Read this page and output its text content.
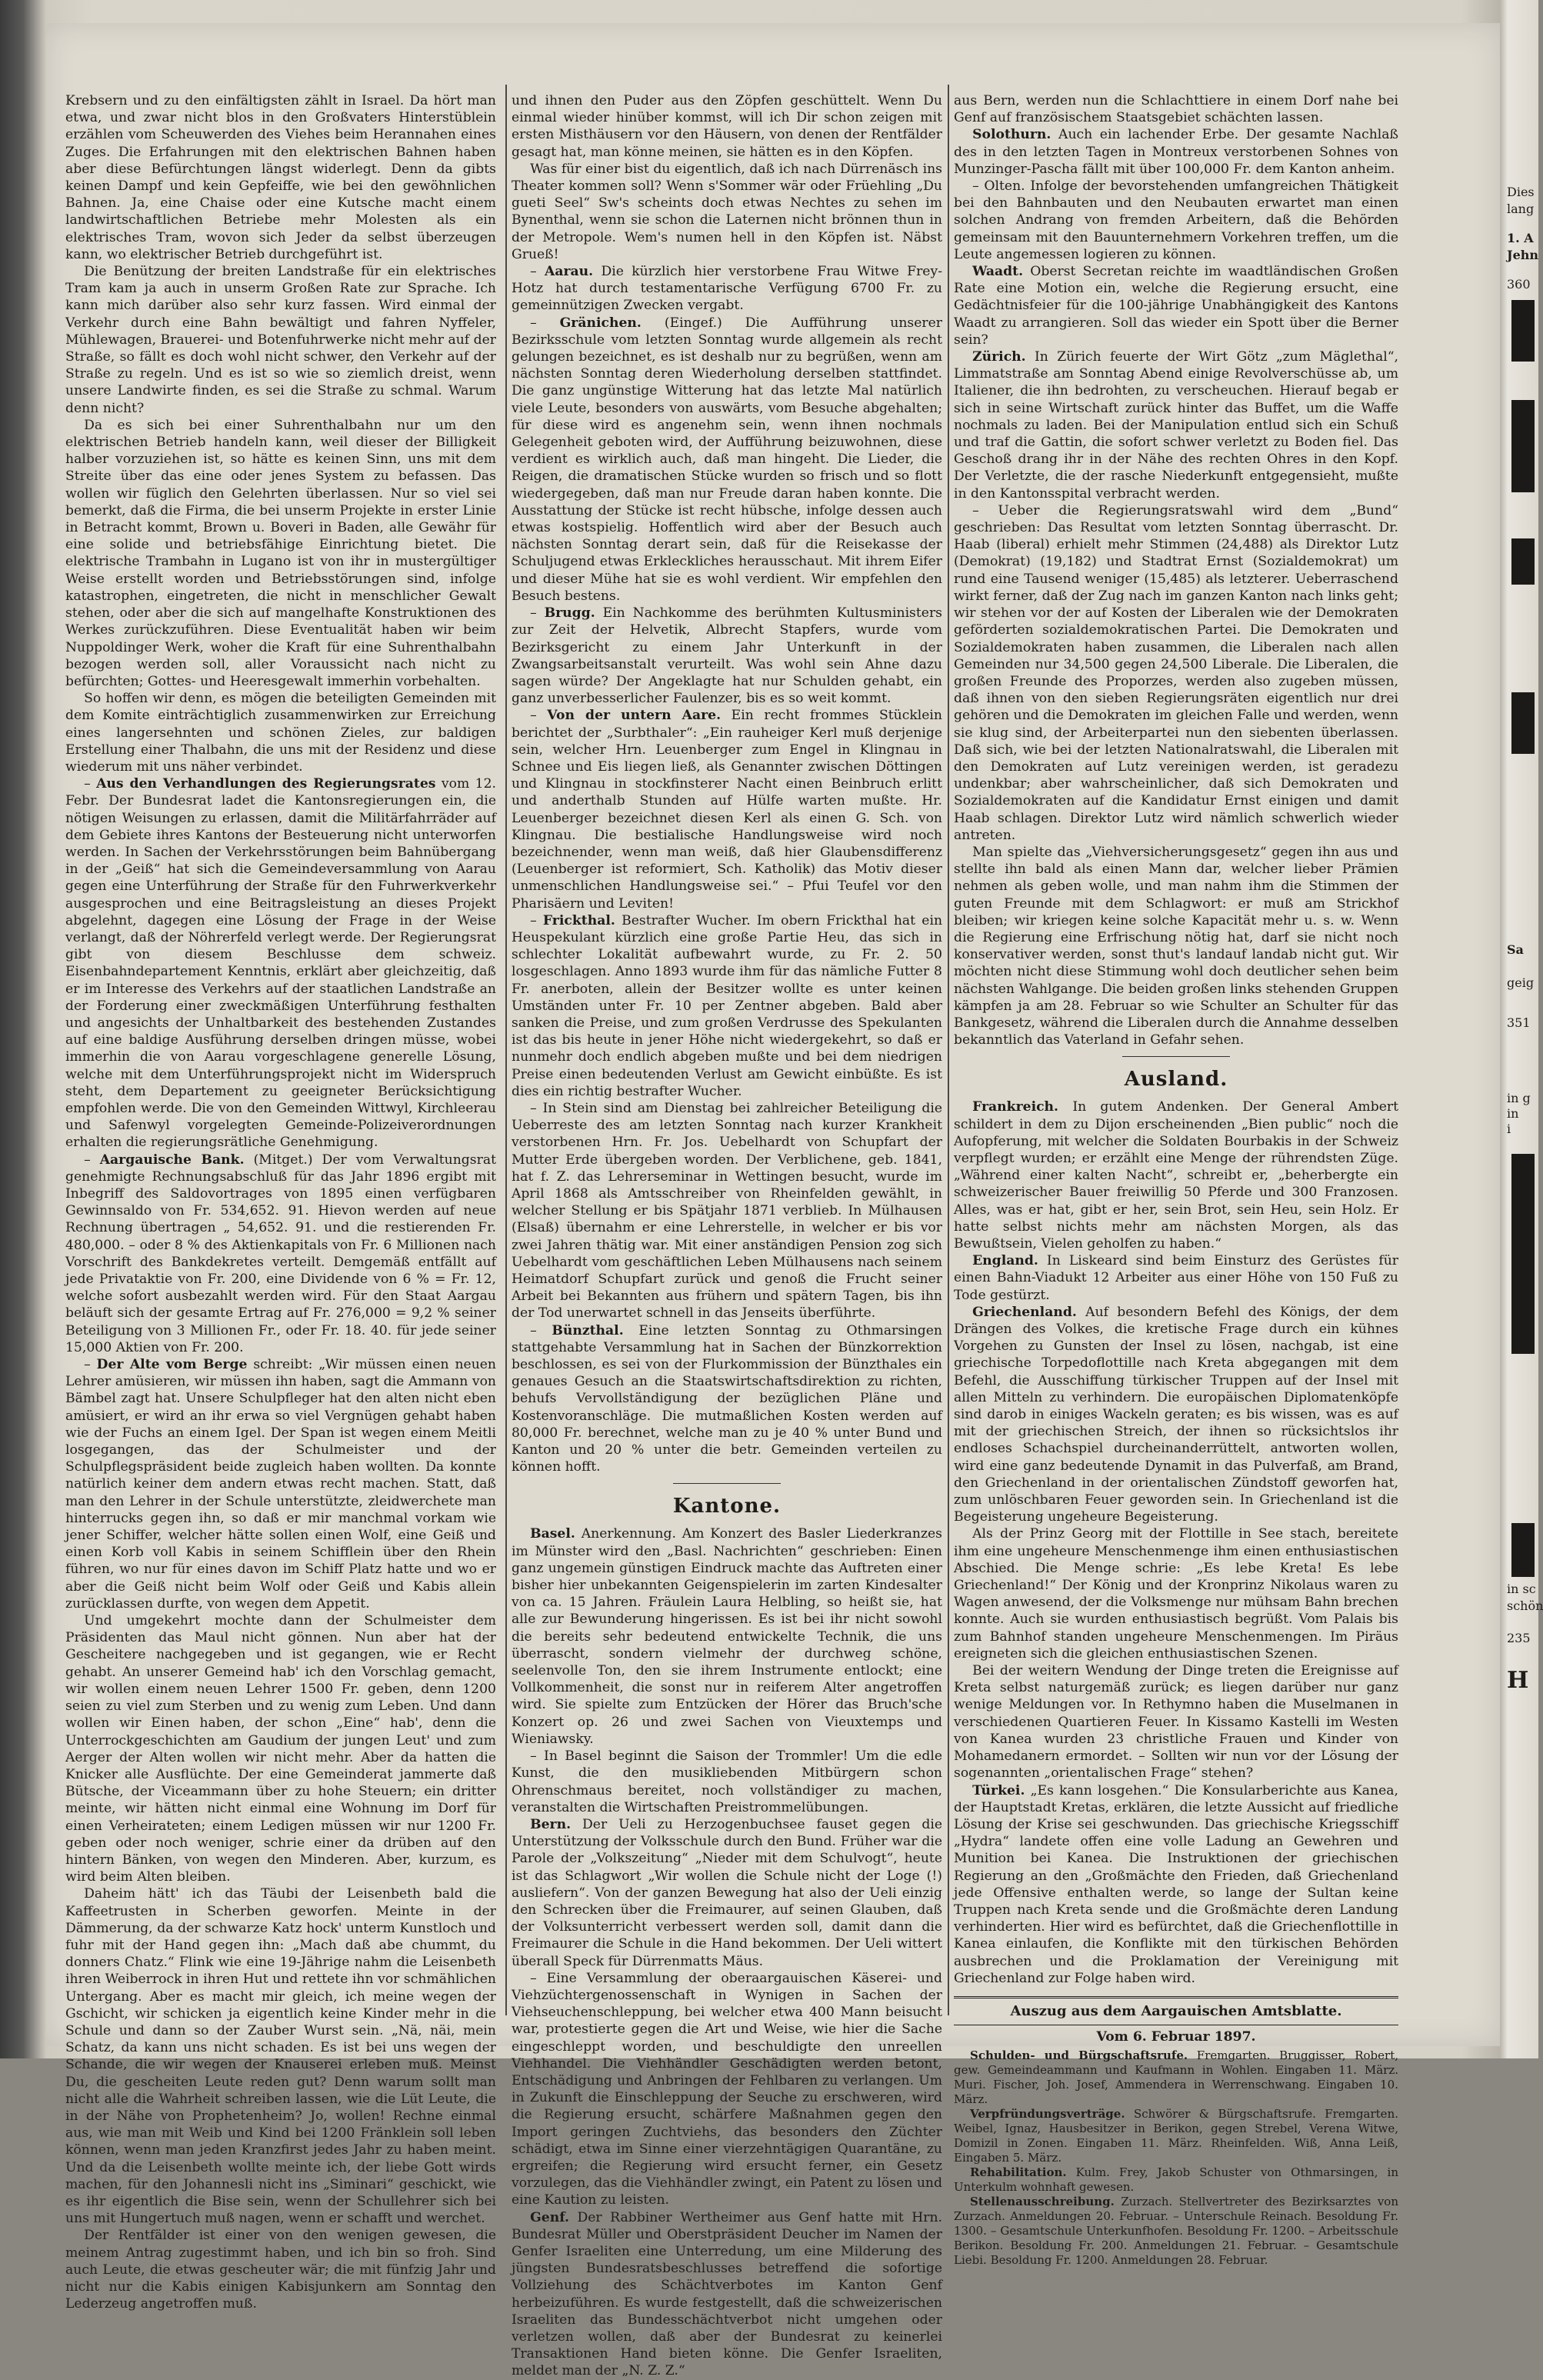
Krebsern und zu den einfältigsten zählt in Israel. Da hört man etwa, und zwar nicht blos in den Großvaters Hinterstüblein erzählen vom Scheuwerden des Viehes beim Herannahen eines Zuges. Die Erfahrungen mit den elektrischen Bahnen haben aber diese Befürchtungen längst widerlegt. Denn da gibts keinen Dampf und kein Gepfeiffe, wie bei den gewöhnlichen Bahnen. Ja, eine Chaise oder eine Kutsche macht einem landwirtschaftlichen Betriebe mehr Molesten als ein elektrisches Tram, wovon sich Jeder da selbst überzeugen kann, wo elektrischer Betrieb durchgeführt ist.

Die Benützung der breiten Landstraße für ein elektrisches Tram kam ja auch in unserm Großen Rate zur Sprache. Ich kann mich darüber also sehr kurz fassen. Wird einmal der Verkehr durch eine Bahn bewältigt und fahren Nyffeler, Mühlewagen, Brauerei- und Botenfuhrwerke nicht mehr auf der Straße, so fällt es doch wohl nicht schwer, den Verkehr auf der Straße zu regeln. Und es ist so wie so ziemlich dreist, wenn unsere Landwirte finden, es sei die Straße zu schmal. Warum denn nicht?

Da es sich bei einer Suhrenthalbahn nur um den elektrischen Betrieb handeln kann, weil dieser der Billigkeit halber vorzuziehen ist, so hätte es keinen Sinn, uns mit dem Streite über das eine oder jenes System zu befassen. Das wollen wir füglich den Gelehrten überlassen. Nur so viel sei bemerkt, daß die Firma, die bei unserm Projekte in erster Linie in Betracht kommt, Brown u. Boveri in Baden, alle Gewähr für eine solide und betriebsfähige Einrichtung bietet. Die elektrische Trambahn in Lugano ist von ihr in mustergültiger Weise erstellt worden und Betriebsstörungen sind, infolge katastrophen, eingetreten, die nicht in menschlicher Gewalt stehen, oder aber die sich auf mangelhafte Konstruktionen des Werkes zurückzuführen. Diese Eventualität haben wir beim Nuppoldinger Werk, woher die Kraft für eine Suhrenthalbahn bezogen werden soll, aller Voraussicht nach nicht zu befürchten; Gottes- und Heeresgewalt immerhin vorbehalten.

So hoffen wir denn, es mögen die beteiligten Gemeinden mit dem Komite einträchtiglich zusammenwirken zur Erreichung eines langersehnten und schönen Zieles, zur baldigen Erstellung einer Thalbahn, die uns mit der Residenz und diese wiederum mit uns näher verbindet.

– Aus den Verhandlungen des Regierungsrates vom 12. Febr. Der Bundesrat ladet die Kantonsregierungen ein, die nötigen Weisungen zu erlassen, damit die Militärfahrräder auf dem Gebiete ihres Kantons der Besteuerung nicht unterworfen werden. In Sachen der Verkehrsstörungen beim Bahnübergang in der „Geiß“ hat sich die Gemeindeversammlung von Aarau gegen eine Unterführung der Straße für den Fuhrwerkverkehr ausgesprochen und eine Beitragsleistung an dieses Projekt abgelehnt, dagegen eine Lösung der Frage in der Weise verlangt, daß der Nöhrerfeld verlegt werde. Der Regierungsrat gibt von diesem Beschlusse dem schweiz. Eisenbahndepartement Kenntnis, erklärt aber gleichzeitig, daß er im Interesse des Verkehrs auf der staatlichen Landstraße an der Forderung einer zweckmäßigen Unterführung festhalten und angesichts der Unhaltbarkeit des bestehenden Zustandes auf eine baldige Ausführung derselben dringen müsse, wobei immerhin die von Aarau vorgeschlagene generelle Lösung, welche mit dem Unterführungsprojekt nicht im Widerspruch steht, dem Departement zu geeigneter Berücksichtigung empfohlen werde. Die von den Gemeinden Wittwyl, Kirchleerau und Safenwyl vorgelegten Gemeinde-Polizeiverordnungen erhalten die regierungsrätliche Genehmigung.

– Aargauische Bank. (Mitget.) Der vom Verwaltungsrat genehmigte Rechnungsabschluß für das Jahr 1896 ergibt mit Inbegriff des Saldovortrages von 1895 einen verfügbaren Gewinnsaldo von Fr. 534,652. 91. Hievon werden auf neue Rechnung übertragen „ 54,652. 91. und die restierenden Fr. 480,000. – oder 8 % des Aktienkapitals von Fr. 6 Millionen nach Vorschrift des Bankdekretes verteilt. Demgemäß entfällt auf jede Privataktie von Fr. 200, eine Dividende von 6 % = Fr. 12, welche sofort ausbezahlt werden wird. Für den Staat Aargau beläuft sich der gesamte Ertrag auf Fr. 276,000 = 9,2 % seiner Beteiligung von 3 Millionen Fr., oder Fr. 18. 40. für jede seiner 15,000 Aktien von Fr. 200.

– Der Alte vom Berge schreibt: „Wir müssen einen neuen Lehrer amüsieren, wir müssen ihn haben, sagt die Ammann von Bämbel zagt hat. Unsere Schulpfleger hat den alten nicht eben amüsiert, er wird an ihr erwa so viel Vergnügen gehabt haben wie der Fuchs an einem Igel. Der Span ist wegen einem Meitli losgegangen, das der Schulmeister und der Schulpflegspräsident beide zugleich haben wollten. Da konnte natürlich keiner dem andern etwas recht machen. Statt, daß man den Lehrer in der Schule unterstützte, zleidwerchete man hinterrucks gegen ihn, so daß er mir manchmal vorkam wie jener Schiffer, welcher hätte sollen einen Wolf, eine Geiß und einen Korb voll Kabis in seinem Schifflein über den Rhein führen, wo nur für eines davon im Schiff Platz hatte und wo er aber die Geiß nicht beim Wolf oder Geiß und Kabis allein zurücklassen durfte, von wegen dem Appetit.

Und umgekehrt mochte dann der Schulmeister dem Präsidenten das Maul nicht gönnen. Nun aber hat der Gescheitere nachgegeben und ist gegangen, wie er Recht gehabt. An unserer Gemeind hab' ich den Vorschlag gemacht, wir wollen einem neuen Lehrer 1500 Fr. geben, denn 1200 seien zu viel zum Sterben und zu wenig zum Leben. Und dann wollen wir Einen haben, der schon „Eine“ hab', denn die Unterrockgeschichten am Gaudium der jungen Leut' und zum Aerger der Alten wollen wir nicht mehr. Aber da hatten die Knicker alle Ausflüchte. Der eine Gemeinderat jammerte daß Bütsche, der Viceammann über zu hohe Steuern; ein dritter meinte, wir hätten nicht einmal eine Wohnung im Dorf für einen Verheirateten; einem Ledigen müssen wir nur 1200 Fr. geben oder noch weniger, schrie einer da drüben auf den hintern Bänken, von wegen den Minderen. Aber, kurzum, es wird beim Alten bleiben.

Daheim hätt' ich das Täubi der Leisenbeth bald die Kaffeetrusten in Scherben geworfen. Meinte in der Dämmerung, da der schwarze Katz hock' unterm Kunstloch und fuhr mit der Hand gegen ihn: „Mach daß abe chummt, du donners Chatz.“ Flink wie eine 19-Jährige nahm die Leisenbeth ihren Weiberrock in ihren Hut und rettete ihn vor schmählichen Untergang. Aber es macht mir gleich, ich meine wegen der Gschicht, wir schicken ja eigentlich keine Kinder mehr in die Schule und dann so der Zauber Wurst sein. „Nä, näi, mein Schatz, da kann uns nicht schaden. Es ist bei uns wegen der Schande, die wir wegen der Knauserei erleben muß. Meinst Du, die gescheiten Leute reden gut? Denn warum sollt man nicht alle die Wahrheit schreiben lassen, wie die Lüt Leute, die in der Nähe von Prophetenheim? Jo, wollen! Rechne einmal aus, wie man mit Weib und Kind bei 1200 Fränklein soll leben können, wenn man jeden Kranzfirst jedes Jahr zu haben meint. Und da die Leisenbeth wollte meinte ich, der liebe Gott wirds machen, für den Johannesli nicht ins „Siminari“ geschickt, wie es ihr eigentlich die Bise sein, wenn der Schullehrer sich bei uns mit Hungertuch muß nagen, wenn er schafft und werchet.

Der Rentfälder ist einer von den wenigen gewesen, die meinem Antrag zugestimmt haben, und ich bin so froh. Sind auch Leute, die etwas gescheuter wär; die mit fünfzig Jahr und nicht nur die Kabis einigen Kabisjunkern am Sonntag den Lederzeug angetroffen muß.

und ihnen den Puder aus den Zöpfen geschüttelt. Wenn Du einmal wieder hinüber kommst, will ich Dir schon zeigen mit ersten Misthäusern vor den Häusern, von denen der Rentfälder gesagt hat, man könne meinen, sie hätten es in den Köpfen.

Was für einer bist du eigentlich, daß ich nach Dürrenäsch ins Theater kommen soll? Wenn s'Sommer wär oder Früehling „Du gueti Seel“ Sw's scheints doch etwas Nechtes zu sehen im Bynenthal, wenn sie schon die Laternen nicht brönnen thun in der Metropole. Wem's numen hell in den Köpfen ist. Näbst Grueß!

– Aarau. Die kürzlich hier verstorbene Frau Witwe Frey-Hotz hat durch testamentarische Verfügung 6700 Fr. zu gemeinnützigen Zwecken vergabt.

– Gränichen. (Eingef.) Die Aufführung unserer Bezirksschule vom letzten Sonntag wurde allgemein als recht gelungen bezeichnet, es ist deshalb nur zu begrüßen, wenn am nächsten Sonntag deren Wiederholung derselben stattfindet. Die ganz ungünstige Witterung hat das letzte Mal natürlich viele Leute, besonders von auswärts, vom Besuche abgehalten; für diese wird es angenehm sein, wenn ihnen nochmals Gelegenheit geboten wird, der Aufführung beizuwohnen, diese verdient es wirklich auch, daß man hingeht. Die Lieder, die Reigen, die dramatischen Stücke wurden so frisch und so flott wiedergegeben, daß man nur Freude daran haben konnte. Die Ausstattung der Stücke ist recht hübsche, infolge dessen auch etwas kostspielig. Hoffentlich wird aber der Besuch auch nächsten Sonntag derart sein, daß für die Reisekasse der Schuljugend etwas Erkleckliches herausschaut. Mit ihrem Eifer und dieser Mühe hat sie es wohl verdient. Wir empfehlen den Besuch bestens.

– Brugg. Ein Nachkomme des berühmten Kultusministers zur Zeit der Helvetik, Albrecht Stapfers, wurde vom Bezirksgericht zu einem Jahr Unterkunft in der Zwangsarbeitsanstalt verurteilt. Was wohl sein Ahne dazu sagen würde? Der Angeklagte hat nur Schulden gehabt, ein ganz unverbesserlicher Faulenzer, bis es so weit kommt.

– Von der untern Aare. Ein recht frommes Stücklein berichtet der „Surbthaler“: „Ein rauheiger Kerl muß derjenige sein, welcher Hrn. Leuenberger zum Engel in Klingnau in Schnee und Eis liegen ließ, als Genannter zwischen Döttingen und Klingnau in stockfinsterer Nacht einen Beinbruch erlitt und anderthalb Stunden auf Hülfe warten mußte. Hr. Leuenberger bezeichnet diesen Kerl als einen G. Sch. von Klingnau. Die bestialische Handlungsweise wird noch bezeichnender, wenn man weiß, daß hier Glaubensdifferenz (Leuenberger ist reformiert, Sch. Katholik) das Motiv dieser unmenschlichen Handlungsweise sei.“ – Pfui Teufel vor den Pharisäern und Leviten!

– Frickthal. Bestrafter Wucher. Im obern Frickthal hat ein Heuspekulant kürzlich eine große Partie Heu, das sich in schlechter Lokalität aufbewahrt wurde, zu Fr. 2. 50 losgeschlagen. Anno 1893 wurde ihm für das nämliche Futter 8 Fr. anerboten, allein der Besitzer wollte es unter keinen Umständen unter Fr. 10 per Zentner abgeben. Bald aber sanken die Preise, und zum großen Verdrusse des Spekulanten ist das bis heute in jener Höhe nicht wiedergekehrt, so daß er nunmehr doch endlich abgeben mußte und bei dem niedrigen Preise einen bedeutenden Verlust am Gewicht einbüßte. Es ist dies ein richtig bestrafter Wucher.

– In Stein sind am Dienstag bei zahlreicher Beteiligung die Ueberreste des am letzten Sonntag nach kurzer Krankheit verstorbenen Hrn. Fr. Jos. Uebelhardt von Schupfart der Mutter Erde übergeben worden. Der Verblichene, geb. 1841, hat f. Z. das Lehrerseminar in Wettingen besucht, wurde im April 1868 als Amtsschreiber von Rheinfelden gewählt, in welcher Stellung er bis Spätjahr 1871 verblieb. In Mülhausen (Elsaß) übernahm er eine Lehrerstelle, in welcher er bis vor zwei Jahren thätig war. Mit einer anständigen Pension zog sich Uebelhardt vom geschäftlichen Leben Mülhausens nach seinem Heimatdorf Schupfart zurück und genoß die Frucht seiner Arbeit bei Bekannten aus frühern und spätern Tagen, bis ihn der Tod unerwartet schnell in das Jenseits überführte.

– Bünzthal. Eine letzten Sonntag zu Othmarsingen stattgehabte Versammlung hat in Sachen der Bünzkorrektion beschlossen, es sei von der Flurkommission der Bünzthales ein genaues Gesuch an die Staatswirtschaftsdirektion zu richten, behufs Vervollständigung der bezüglichen Pläne und Kostenvoranschläge. Die mutmaßlichen Kosten werden auf 80,000 Fr. berechnet, welche man zu je 40 % unter Bund und Kanton und 20 % unter die betr. Gemeinden verteilen zu können hofft.

Kantone.

Basel. Anerkennung. Am Konzert des Basler Liederkranzes im Münster wird den „Basl. Nachrichten“ geschrieben: Einen ganz ungemein günstigen Eindruck machte das Auftreten einer bisher hier unbekannten Geigenspielerin im zarten Kindesalter von ca. 15 Jahren. Fräulein Laura Helbling, so heißt sie, hat alle zur Bewunderung hingerissen. Es ist bei ihr nicht sowohl die bereits sehr bedeutend entwickelte Technik, die uns überrascht, sondern vielmehr der durchweg schöne, seelenvolle Ton, den sie ihrem Instrumente entlockt; eine Vollkommenheit, die sonst nur in reiferem Alter angetroffen wird. Sie spielte zum Entzücken der Hörer das Bruch'sche Konzert op. 26 und zwei Sachen von Vieuxtemps und Wieniawsky.

– In Basel beginnt die Saison der Trommler! Um die edle Kunst, die den musikliebenden Mitbürgern schon Ohrenschmaus bereitet, noch vollständiger zu machen, veranstalten die Wirtschaften Preistrommelübungen.

Bern. Der Ueli zu Herzogenbuchsee fauset gegen die Unterstützung der Volksschule durch den Bund. Früher war die Parole der „Volkszeitung“ „Nieder mit dem Schulvogt“, heute ist das Schlagwort „Wir wollen die Schule nicht der Loge (!) ausliefern“. Von der ganzen Bewegung hat also der Ueli einzig den Schrecken über die Freimaurer, auf seinen Glauben, daß der Volksunterricht verbessert werden soll, damit dann die Freimaurer die Schule in die Hand bekommen. Der Ueli wittert überall Speck für Dürrenmatts Mäus.

– Eine Versammlung der oberaargauischen Käserei- und Viehzüchtergenossenschaft in Wynigen in Sachen der Viehseuchenschleppung, bei welcher etwa 400 Mann beisucht war, protestierte gegen die Art und Weise, wie hier die Sache eingeschleppt worden, und beschuldigte den unreellen Viehhandel. Die Viehhändler Geschädigten werden betont, Entschädigung und Anbringen der Fehlbaren zu verlangen. Um in Zukunft die Einschleppung der Seuche zu erschweren, wird die Regierung ersucht, schärfere Maßnahmen gegen den Import geringen Zuchtviehs, das besonders den Züchter schädigt, etwa im Sinne einer vierzehntägigen Quarantäne, zu ergreifen; die Regierung wird ersucht ferner, ein Gesetz vorzulegen, das die Viehhändler zwingt, ein Patent zu lösen und eine Kaution zu leisten.

Genf. Der Rabbiner Wertheimer aus Genf hatte mit Hrn. Bundesrat Müller und Oberstpräsident Deucher im Namen der Genfer Israeliten eine Unterredung, um eine Milderung des jüngsten Bundesratsbeschlusses betreffend die sofortige Vollziehung des Schächtverbotes im Kanton Genf herbeizuführen. Es wurde festgestellt, daß die schweizerischen Israeliten das Bundesschächtverbot nicht umgehen oder verletzen wollen, daß aber der Bundesrat zu keinerlei Transaktionen Hand bieten könne. Die Genfer Israeliten, meldet man der „N. Z. Z.“

aus Bern, werden nun die Schlachttiere in einem Dorf nahe bei Genf auf französischem Staatsgebiet schächten lassen.

Solothurn. Auch ein lachender Erbe. Der gesamte Nachlaß des in den letzten Tagen in Montreux verstorbenen Sohnes von Munzinger-Pascha fällt mit über 100,000 Fr. dem Kanton anheim.

– Olten. Infolge der bevorstehenden umfangreichen Thätigkeit bei den Bahnbauten und den Neubauten erwartet man einen solchen Andrang von fremden Arbeitern, daß die Behörden gemeinsam mit den Bauunternehmern Vorkehren treffen, um die Leute angemessen logieren zu können.

Waadt. Oberst Secretan reichte im waadtländischen Großen Rate eine Motion ein, welche die Regierung ersucht, eine Gedächtnisfeier für die 100-jährige Unabhängigkeit des Kantons Waadt zu arrangieren. Soll das wieder ein Spott über die Berner sein?

Zürich. In Zürich feuerte der Wirt Götz „zum Mäglethal“, Limmatstraße am Sonntag Abend einige Revolverschüsse ab, um Italiener, die ihn bedrohten, zu verscheuchen. Hierauf begab er sich in seine Wirtschaft zurück hinter das Buffet, um die Waffe nochmals zu laden. Bei der Manipulation entlud sich ein Schuß und traf die Gattin, die sofort schwer verletzt zu Boden fiel. Das Geschoß drang ihr in der Nähe des rechten Ohres in den Kopf. Der Verletzte, die der rasche Niederkunft entgegensieht, mußte in den Kantonsspital verbracht werden.

– Ueber die Regierungsratswahl wird dem „Bund“ geschrieben: Das Resultat vom letzten Sonntag überrascht. Dr. Haab (liberal) erhielt mehr Stimmen (24,488) als Direktor Lutz (Demokrat) (19,182) und Stadtrat Ernst (Sozialdemokrat) um rund eine Tausend weniger (15,485) als letzterer. Ueberraschend wirkt ferner, daß der Zug nach im ganzen Kanton nach links geht; wir stehen vor der auf Kosten der Liberalen wie der Demokraten geförderten sozialdemokratischen Partei. Die Demokraten und Sozialdemokraten haben zusammen, die Liberalen nach allen Gemeinden nur 34,500 gegen 24,500 Liberale. Die Liberalen, die großen Freunde des Proporzes, werden also zugeben müssen, daß ihnen von den sieben Regierungsräten eigentlich nur drei gehören und die Demokraten im gleichen Falle und werden, wenn sie klug sind, der Arbeiterpartei nun den siebenten überlassen. Daß sich, wie bei der letzten Nationalratswahl, die Liberalen mit den Demokraten auf Lutz vereinigen werden, ist geradezu undenkbar; aber wahrscheinlicher, daß sich Demokraten und Sozialdemokraten auf die Kandidatur Ernst einigen und damit Haab schlagen. Direktor Lutz wird nämlich schwerlich wieder antreten.

Man spielte das „Viehversicherungsgesetz“ gegen ihn aus und stellte ihn bald als einen Mann dar, welcher lieber Prämien nehmen als geben wolle, und man nahm ihm die Stimmen der guten Freunde mit dem Schlagwort: er muß am Strickhof bleiben; wir kriegen keine solche Kapacität mehr u. s. w. Wenn die Regierung eine Erfrischung nötig hat, darf sie nicht noch konservativer werden, sonst thut's landauf landab nicht gut. Wir möchten nicht diese Stimmung wohl doch deutlicher sehen beim nächsten Wahlgange. Die beiden großen links stehenden Gruppen kämpfen ja am 28. Februar so wie Schulter an Schulter für das Bankgesetz, während die Liberalen durch die Annahme desselben bekanntlich das Vaterland in Gefahr sehen.

Ausland.

Frankreich. In gutem Andenken. Der General Ambert schildert in dem zu Dijon erscheinenden „Bien public“ noch die Aufopferung, mit welcher die Soldaten Bourbakis in der Schweiz verpflegt wurden; er erzählt eine Menge der rührendsten Züge. „Während einer kalten Nacht“, schreibt er, „beherbergte ein schweizerischer Bauer freiwillig 50 Pferde und 300 Franzosen. Alles, was er hat, gibt er her, sein Brot, sein Heu, sein Holz. Er hatte selbst nichts mehr am nächsten Morgen, als das Bewußtsein, Vielen geholfen zu haben.“

England. In Liskeard sind beim Einsturz des Gerüstes für einen Bahn-Viadukt 12 Arbeiter aus einer Höhe von 150 Fuß zu Tode gestürzt.

Griechenland. Auf besondern Befehl des Königs, der dem Drängen des Volkes, die kretische Frage durch ein kühnes Vorgehen zu Gunsten der Insel zu lösen, nachgab, ist eine griechische Torpedoflottille nach Kreta abgegangen mit dem Befehl, die Ausschiffung türkischer Truppen auf der Insel mit allen Mitteln zu verhindern. Die europäischen Diplomatenköpfe sind darob in einiges Wackeln geraten; es bis wissen, was es auf mit der griechischen Streich, der ihnen so rücksichtslos ihr endloses Schachspiel durcheinanderrüttelt, antworten wollen, wird eine ganz bedeutende Dynamit in das Pulverfaß, am Brand, den Griechenland in der orientalischen Zündstoff geworfen hat, zum unlöschbaren Feuer geworden sein. In Griechenland ist die Begeisterung ungeheure Begeisterung.

Als der Prinz Georg mit der Flottille in See stach, bereitete ihm eine ungeheure Menschenmenge ihm einen enthusiastischen Abschied. Die Menge schrie: „Es lebe Kreta! Es lebe Griechenland!“ Der König und der Kronprinz Nikolaus waren zu Wagen anwesend, der die Volksmenge nur mühsam Bahn brechen konnte. Auch sie wurden enthusiastisch begrüßt. Vom Palais bis zum Bahnhof standen ungeheure Menschenmengen. Im Piräus ereigneten sich die gleichen enthusiastischen Szenen.

Bei der weitern Wendung der Dinge treten die Ereignisse auf Kreta selbst naturgemäß zurück; es liegen darüber nur ganz wenige Meldungen vor. In Rethymno haben die Muselmanen in verschiedenen Quartieren Feuer. In Kissamo Kastelli im Westen von Kanea wurden 23 christliche Frauen und Kinder von Mohamedanern ermordet. – Sollten wir nun vor der Lösung der sogenannten „orientalischen Frage“ stehen?

Türkei. „Es kann losgehen.“ Die Konsularberichte aus Kanea, der Hauptstadt Kretas, erklären, die letzte Aussicht auf friedliche Lösung der Krise sei geschwunden. Das griechische Kriegsschiff „Hydra“ landete offen eine volle Ladung an Gewehren und Munition bei Kanea. Die Instruktionen der griechischen Regierung an den „Großmächte den Frieden, daß Griechenland jede Offensive enthalten werde, so lange der Sultan keine Truppen nach Kreta sende und die Großmächte deren Landung verhinderten. Hier wird es befürchtet, daß die Griechenflottille in Kanea einlaufen, die Konflikte mit den türkischen Behörden ausbrechen und die Proklamation der Vereinigung mit Griechenland zur Folge haben wird.

Auszug aus dem Aargauischen Amtsblatte.
Vom 6. Februar 1897.

Schulden- und Bürgschaftsrufe. Fremgarten. Bruggisser, Robert, gew. Gemeindeammann und Kaufmann in Wohlen. Eingaben 11. März. Muri. Fischer, Joh. Josef, Ammendera in Werrenschwang. Eingaben 10. März.

Verpfründungsverträge. Schwörer & Bürgschaftsrufe. Fremgarten. Weibel, Ignaz, Hausbesitzer in Berikon, gegen Strebel, Verena Witwe, Domizil in Zonen. Eingaben 11. März. Rheinfelden. Wiß, Anna Leiß, Eingaben 5. März.

Rehabilitation. Kulm. Frey, Jakob Schuster von Othmarsingen, in Unterkulm wohnhaft gewesen.

Stellenausschreibung. Zurzach. Stellvertreter des Bezirksarztes von Zurzach. Anmeldungen 20. Februar. – Unterschule Reinach. Besoldung Fr. 1300. – Gesamtschule Unterkunfhofen. Besoldung Fr. 1200. – Arbeitsschule Berikon. Besoldung Fr. 200. Anmeldungen 21. Februar. – Gesamtschule Liebi. Besoldung Fr. 1200. Anmeldungen 28. Februar.

Dies
lang
1. A
Jehn
360
Sa
geig
351
in g
in
i
in sc
schön
235
H
